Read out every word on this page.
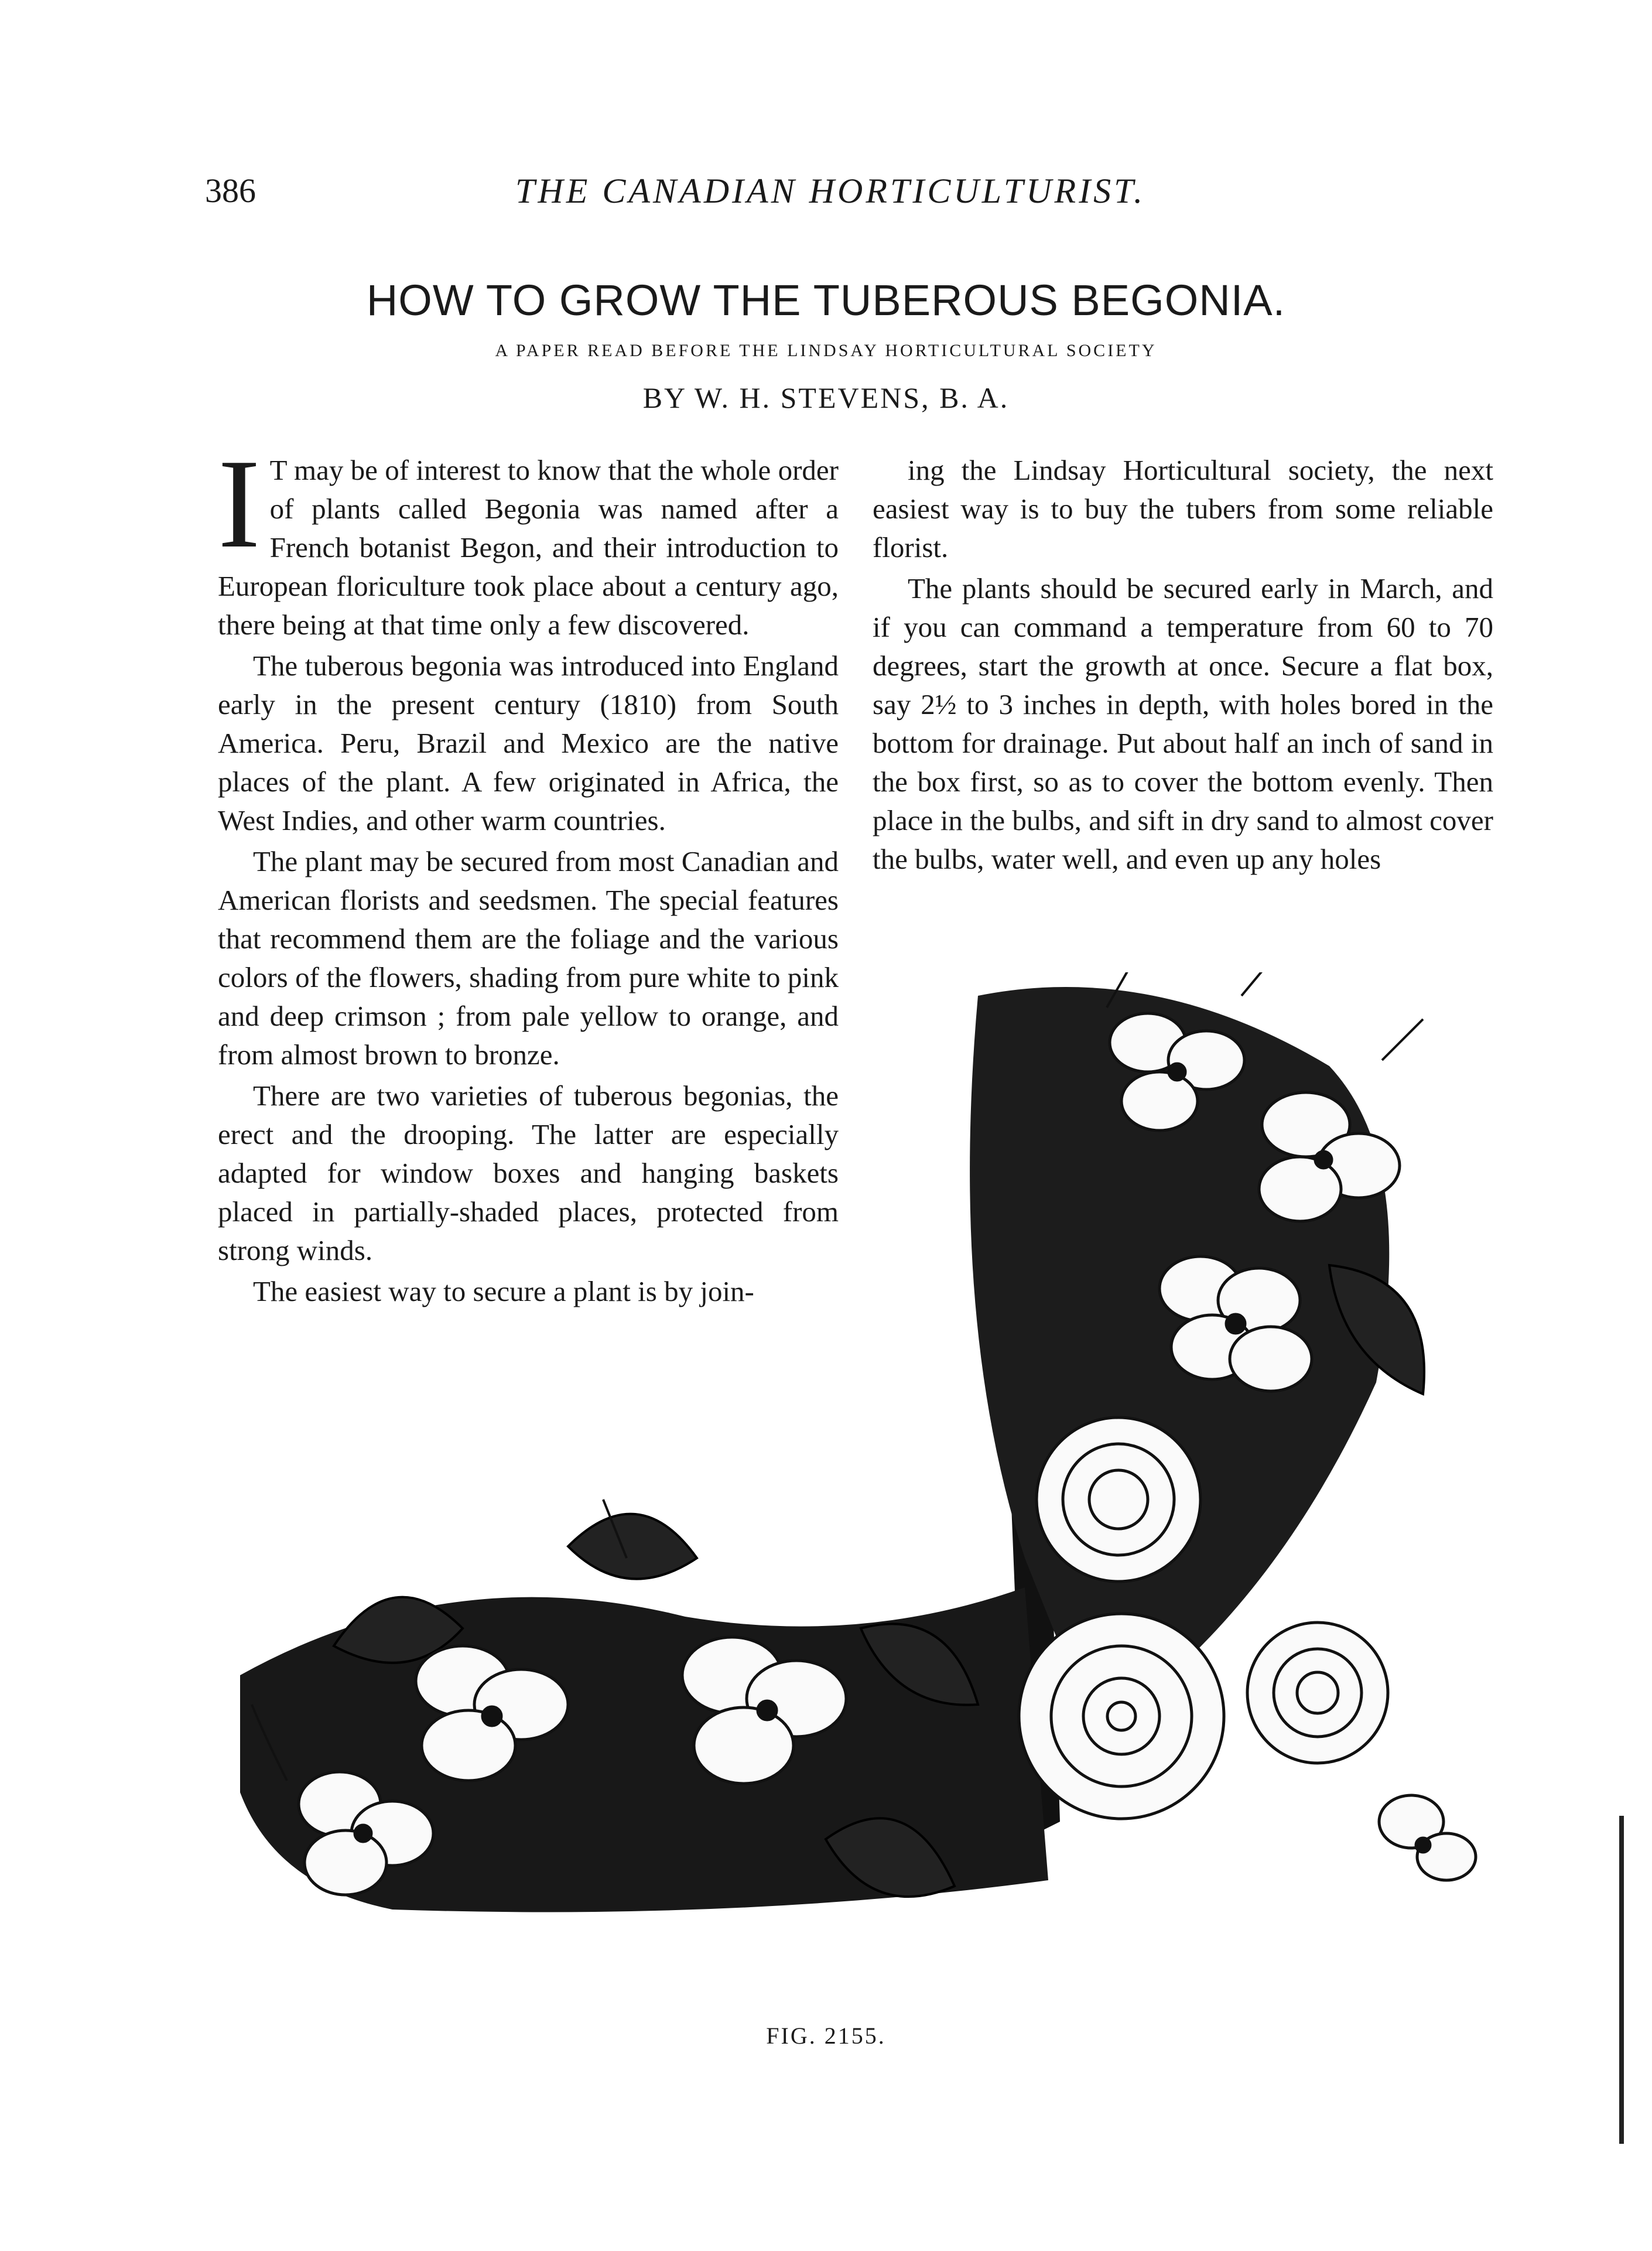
386	THE CANADIAN HORTICULTURIST.
HOW TO GROW THE TUBEROUS BEGONIA.
A PAPER READ BEFORE THE LINDSAY HORTICULTURAL SOCIETY
BY W. H. STEVENS, B. A.

I T may be of interest to know that the whole order of plants called Begonia was named after a French botanist Begon, and their introduction to European floriculture took place about a century ago, there being at that time only a few discovered.

The tuberous begonia was introduced into England early in the present century (1810) from South America. Peru, Brazil and Mexico are the native places of the plant. A few originated in Africa, the West Indies, and other warm countries.

The plant may be secured from most Canadian and American florists and seedsmen. The special features that recommend them are the foliage and the various colors of the flowers, shading from pure white to pink and deep crimson ; from pale yellow to orange, and from almost brown to bronze.

There are two varieties of tuberous begonias, the erect and the drooping. The latter are especially adapted for window boxes and hanging baskets placed in partially-shaded places, protected from strong winds.

The easiest way to secure a plant is by join-

ing the Lindsay Horticultural society, the next easiest way is to buy the tubers from some reliable florist.

The plants should be secured early in March, and if you can command a temperature from 60 to 70 degrees, start the growth at once. Secure a flat box, say 2½ to 3 inches in depth, with holes bored in the bottom for drainage. Put about half an inch of sand in the box first, so as to cover the bottom evenly. Then place in the bulbs, and sift in dry sand to almost cover the bulbs, water well, and even up any holes

FIG. 2155.
